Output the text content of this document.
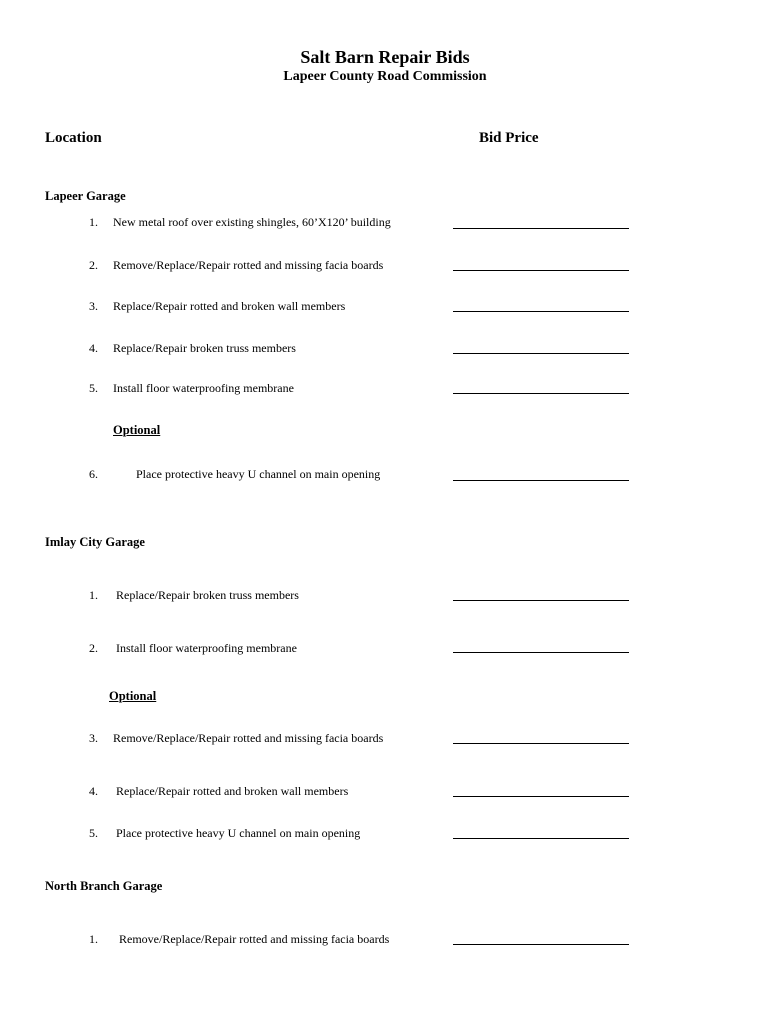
Salt Barn Repair Bids
Lapeer County Road Commission
Location	Bid Price
Lapeer Garage
1. New metal roof over existing shingles, 60’X120’ building
2. Remove/Replace/Repair rotted and missing facia boards
3. Replace/Repair rotted and broken wall members
4. Replace/Repair broken truss members
5. Install floor waterproofing membrane
Optional
6.	Place protective heavy U channel on main opening
Imlay City Garage
1. Replace/Repair broken truss members
2. Install floor waterproofing membrane
Optional
3. Remove/Replace/Repair rotted and missing facia boards
4. Replace/Repair rotted and broken wall members
5. Place protective heavy U channel on main opening
North Branch Garage
1. Remove/Replace/Repair rotted and missing facia boards
